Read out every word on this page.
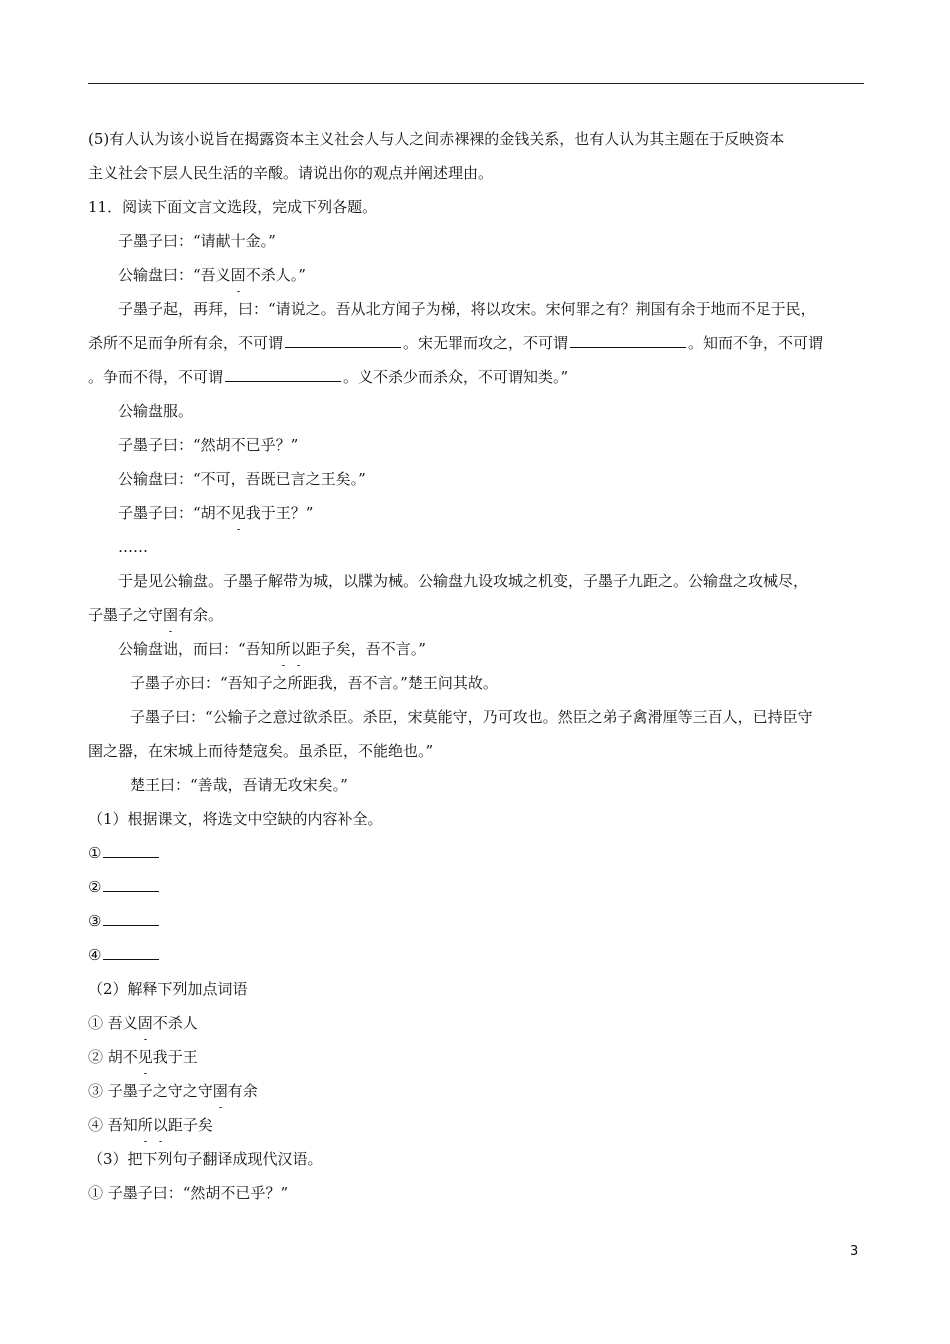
(5)有人认为该小说旨在揭露资本主义社会人与人之间赤裸裸的金钱关系，也有人认为其主题在于反映资本
主义社会下层人民生活的辛酸。请说出你的观点并阐述理由。
11．阅读下面文言文选段，完成下列各题。
子墨子曰：“请献十金。”
公输盘曰：“吾义固不杀人。”
子墨子起，再拜，曰：“请说之。吾从北方闻子为梯，将以攻宋。宋何罪之有？荆国有余于地而不足于民，
杀所不足而争所有余，不可谓	。宋无罪而攻之，不可谓	。知而不争，不可谓
。争而不得，不可谓	。义不杀少而杀众，不可谓知类。”
公输盘服。
子墨子曰：“然胡不已乎？”
公输盘曰：“不可，吾既已言之王矣。”
子墨子曰：“胡不见我于王？”
……
于是见公输盘。子墨子解带为城，以牒为械。公输盘九设攻城之机变，子墨子九距之。公输盘之攻械尽，
子墨子之守圉有余。
公输盘诎，而曰：“吾知所以距子矣，吾不言。”
子墨子亦曰：“吾知子之所距我，吾不言。”楚王问其故。
子墨子曰：“公输子之意过欲杀臣。杀臣，宋莫能守，乃可攻也。然臣之弟子禽滑厘等三百人，已持臣守
圉之器，在宋城上而待楚寇矣。虽杀臣，不能绝也。”
楚王曰：“善哉，吾请无攻宋矣。”
（1）根据课文，将选文中空缺的内容补全。
①
②
③
④
（2）解释下列加点词语
① 吾义固不杀人
② 胡不见我于王
③ 子墨子之守之守圉有余
④ 吾知所以距子矣
（3）把下列句子翻译成现代汉语。
① 子墨子曰：“然胡不已乎？”
3
